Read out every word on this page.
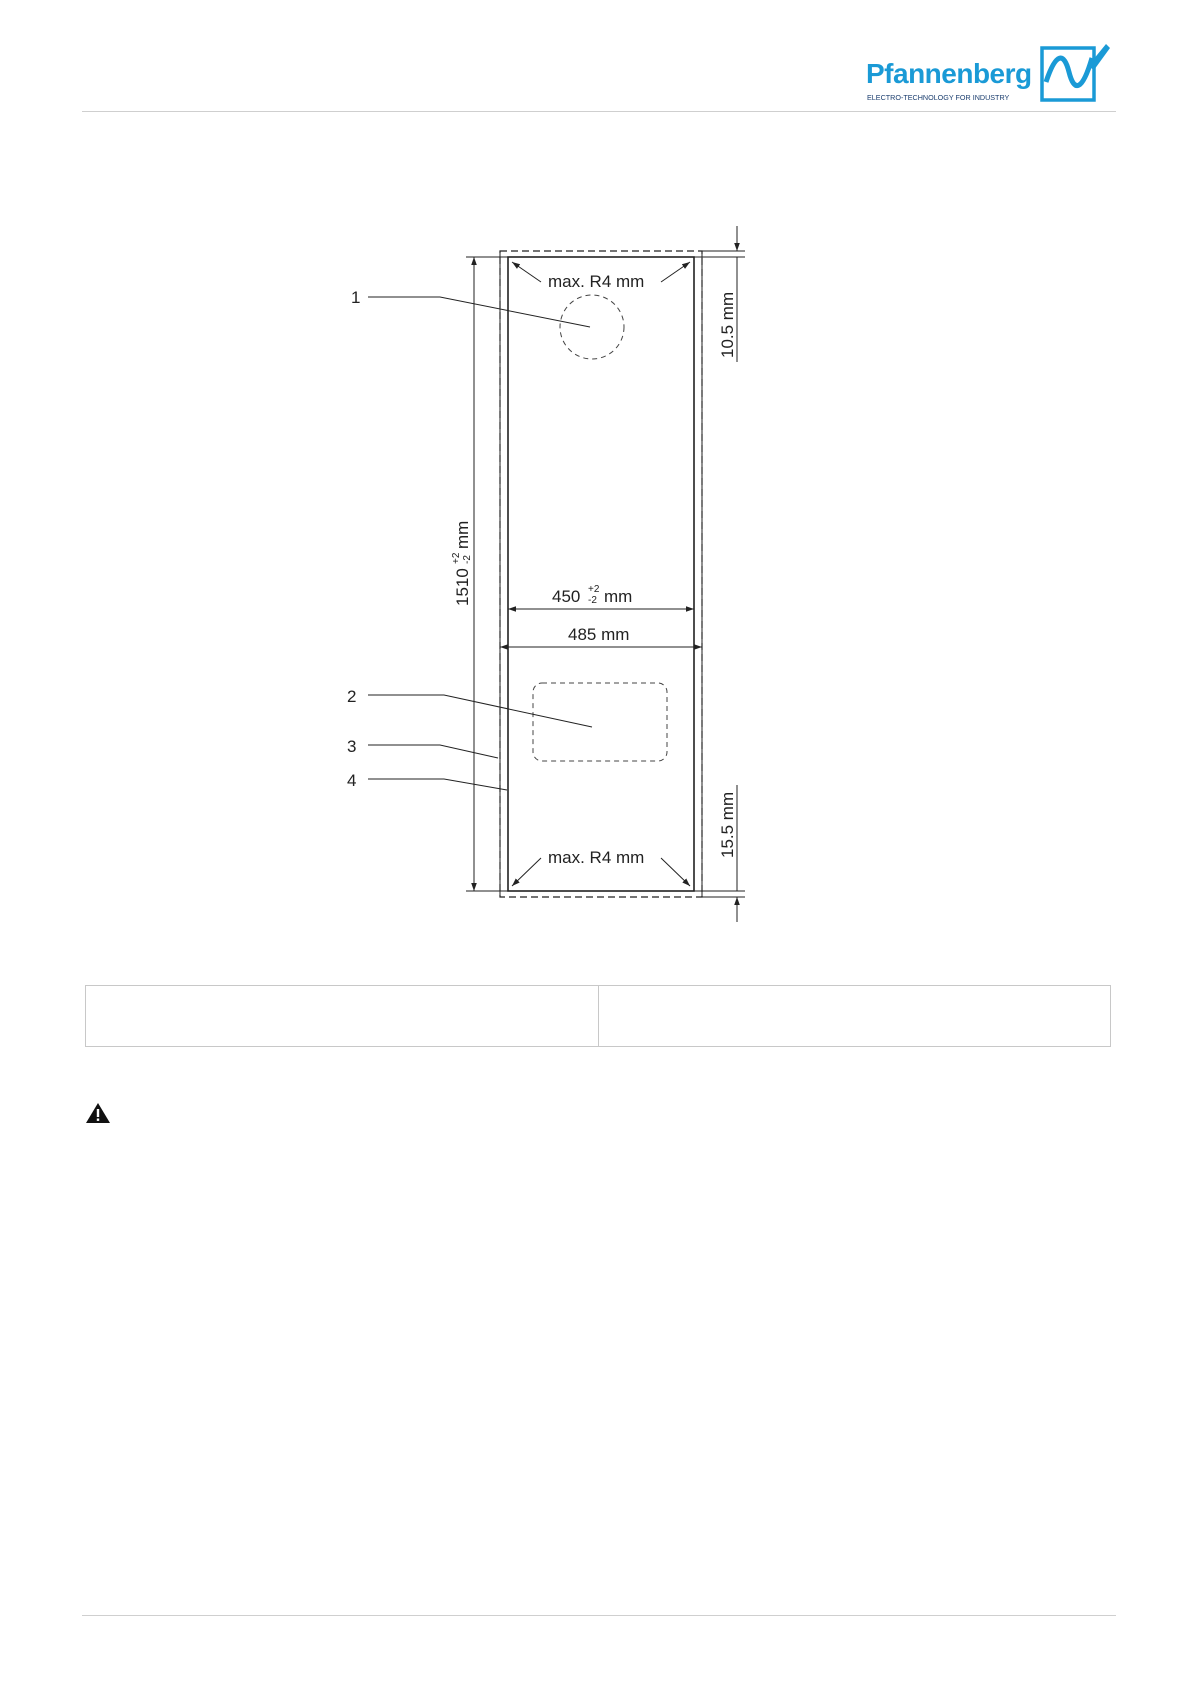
Pfannenberg
ELECTRO-TECHNOLOGY FOR INDUSTRY
10.5 mm
15.5 mm
1510
+2 -2
mm
450 +2
-2 mm
485 mm
max. R4 mm
max. R4 mm
1
2
3
4
